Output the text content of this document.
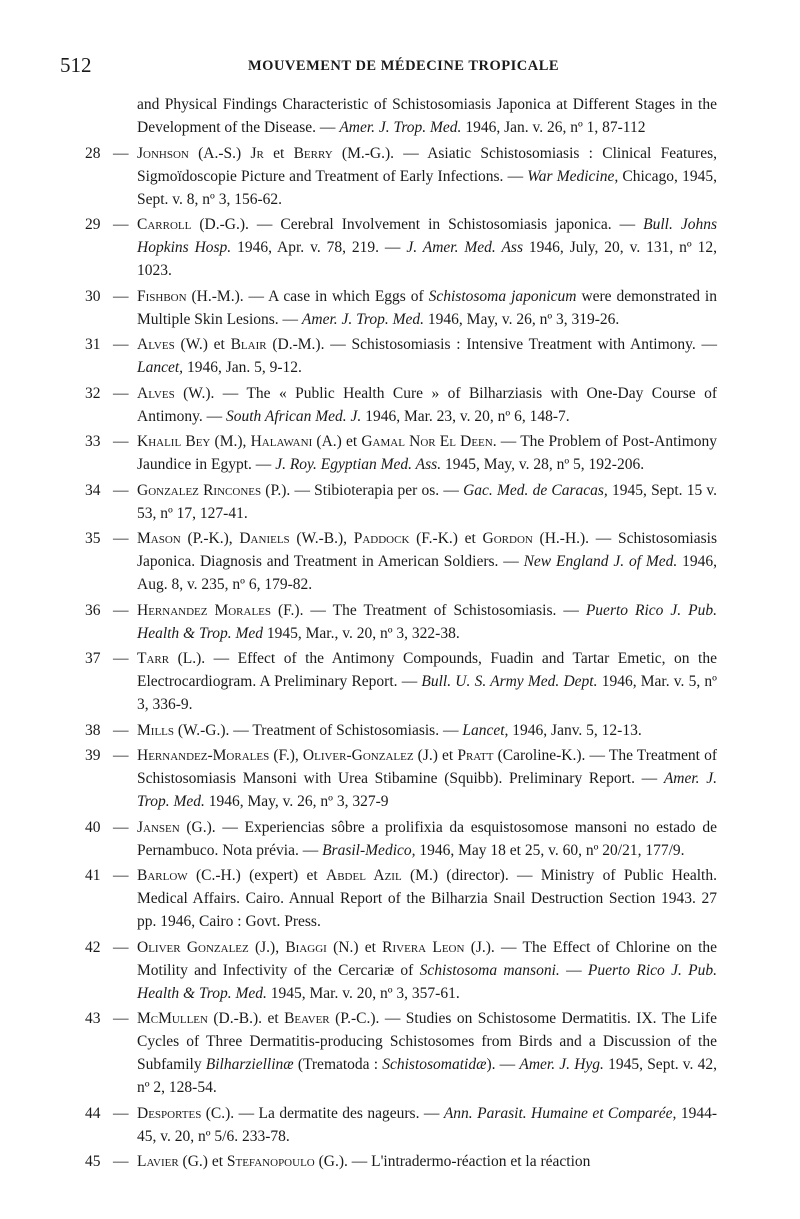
512	MOUVEMENT DE MÉDECINE TROPICALE
and Physical Findings Characteristic of Schistosomiasis Japonica at Different Stages in the Development of the Disease. — Amer. J. Trop. Med. 1946, Jan. v. 26, nº 1, 87-112
28 — Jonhson (A.-S.) Jr et Berry (M.-G.). — Asiatic Schistosomiasis : Clinical Features, Sigmoïdoscopie Picture and Treatment of Early Infections. — War Medicine, Chicago, 1945, Sept. v. 8, nº 3, 156-62.
29 — Carroll (D.-G.). — Cerebral Involvement in Schistosomiasis japonica. — Bull. Johns Hopkins Hosp. 1946, Apr. v. 78, 219. — J. Amer. Med. Ass 1946, July, 20, v. 131, nº 12, 1023.
30 — Fishbon (H.-M.). — A case in which Eggs of Schistosoma japonicum were demonstrated in Multiple Skin Lesions. — Amer. J. Trop. Med. 1946, May, v. 26, nº 3, 319-26.
31 — Alves (W.) et Blair (D.-M.). — Schistosomiasis : Intensive Treatment with Antimony. — Lancet, 1946, Jan. 5, 9-12.
32 — Alves (W.). — The « Public Health Cure » of Bilharziasis with One-Day Course of Antimony. — South African Med. J. 1946, Mar. 23, v. 20, nº 6, 148-7.
33 — Khalil Bey (M.), Halawani (A.) et Gamal Nor El Deen. — The Problem of Post-Antimony Jaundice in Egypt. — J. Roy. Egyptian Med. Ass. 1945, May, v. 28, nº 5, 192-206.
34 — Gonzalez Rincones (P.). — Stibioterapia per os. — Gac. Med. de Caracas, 1945, Sept. 15 v. 53, nº 17, 127-41.
35 — Mason (P.-K.), Daniels (W.-B.), Paddock (F.-K.) et Gordon (H.-H.). — Schistosomiasis Japonica. Diagnosis and Treatment in American Soldiers. — New England J. of Med. 1946, Aug. 8, v. 235, nº 6, 179-82.
36 — Hernandez Morales (F.). — The Treatment of Schistosomiasis. — Puerto Rico J. Pub. Health & Trop. Med 1945, Mar., v. 20, nº 3, 322-38.
37 — Tarr (L.). — Effect of the Antimony Compounds, Fuadin and Tartar Emetic, on the Electrocardiogram. A Preliminary Report. — Bull. U. S. Army Med. Dept. 1946, Mar. v. 5, nº 3, 336-9.
38 — Mills (W.-G.). — Treatment of Schistosomiasis. — Lancet, 1946, Janv. 5, 12-13.
39 — Hernandez-Morales (F.), Oliver-Gonzalez (J.) et Pratt (Caroline-K.). — The Treatment of Schistosomiasis Mansoni with Urea Stibamine (Squibb). Preliminary Report. — Amer. J. Trop. Med. 1946, May, v. 26, nº 3, 327-9
40 — Jansen (G.). — Experiencias sôbre a prolifixia da esquistosomose mansoni no estado de Pernambuco. Nota prévia. — Brasil-Medico, 1946, May 18 et 25, v. 60, nº 20/21, 177/9.
41 — Barlow (C.-H.) (expert) et Abdel Azil (M.) (director). — Ministry of Public Health. Medical Affairs. Cairo. Annual Report of the Bilharzia Snail Destruction Section 1943. 27 pp. 1946, Cairo : Govt. Press.
42 — Oliver Gonzalez (J.), Biaggi (N.) et Rivera Leon (J.). — The Effect of Chlorine on the Motility and Infectivity of the Cercariæ of Schistosoma mansoni. — Puerto Rico J. Pub. Health & Trop. Med. 1945, Mar. v. 20, nº 3, 357-61.
43 — McMullen (D.-B.). et Beaver (P.-C.). — Studies on Schistosome Dermatitis. IX. The Life Cycles of Three Dermatitis-producing Schistosomes from Birds and a Discussion of the Subfamily Bilharziellinæ (Trematoda : Schistosomatidæ). — Amer. J. Hyg. 1945, Sept. v. 42, nº 2, 128-54.
44 — Desportes (C.). — La dermatite des nageurs. — Ann. Parasit. Humaine et Comparée, 1944-45, v. 20, nº 5/6. 233-78.
45 — Lavier (G.) et Stefanopoulo (G.). — L'intradermo-réaction et la réaction
